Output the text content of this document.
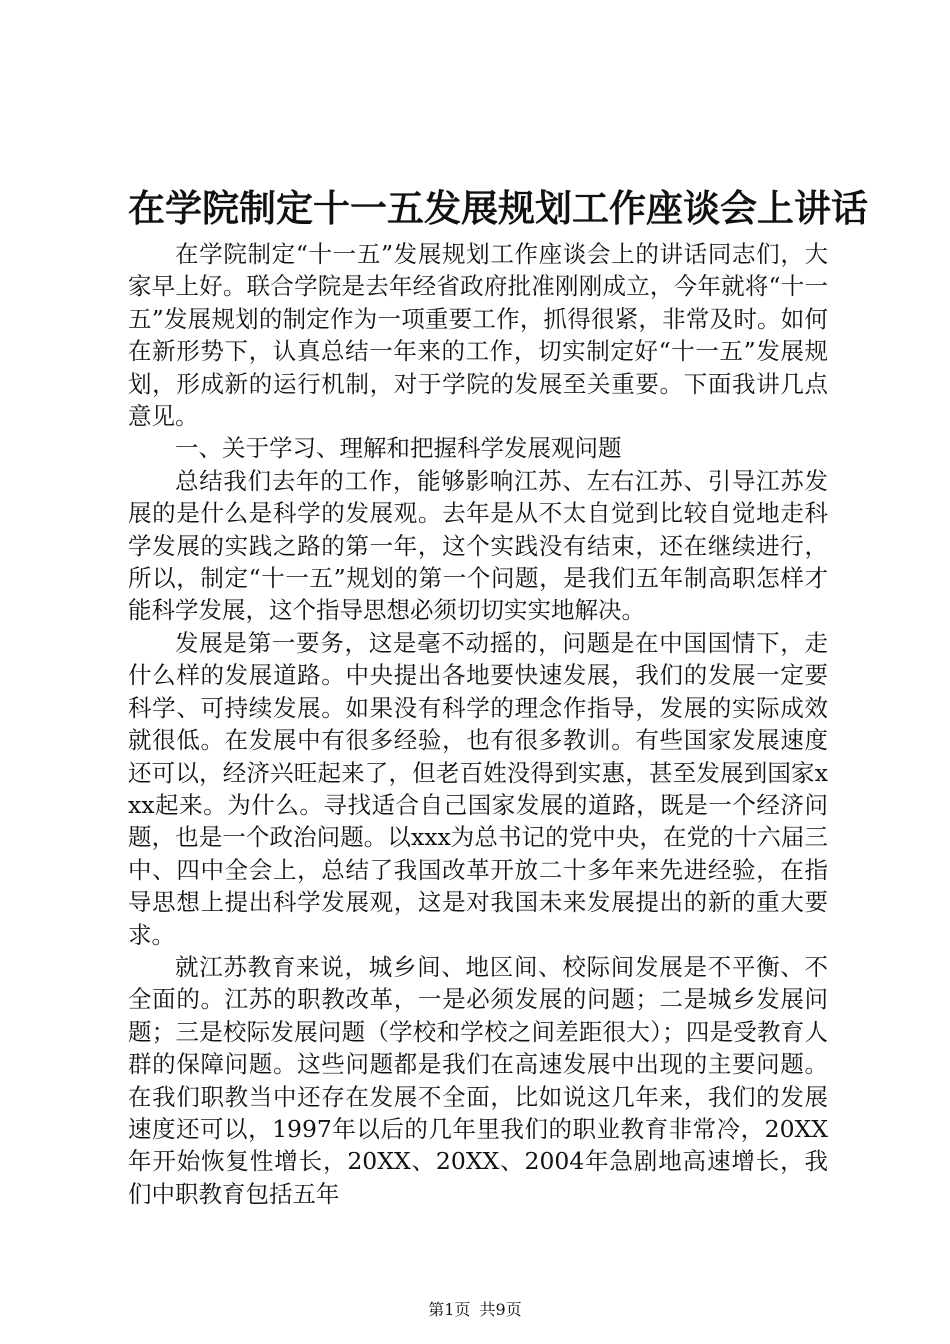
在学院制定十一五发展规划工作座谈会上讲话

在学院制定“十一五”发展规划工作座谈会上的讲话同志们，大家早上好。联合学院是去年经省政府批准刚刚成立，今年就将“十一五”发展规划的制定作为一项重要工作，抓得很紧，非常及时。如何在新形势下，认真总结一年来的工作，切实制定好“十一五”发展规划，形成新的运行机制，对于学院的发展至关重要。下面我讲几点意见。

一、关于学习、理解和把握科学发展观问题

总结我们去年的工作，能够影响江苏、左右江苏、引导江苏发展的是什么是科学的发展观。去年是从不太自觉到比较自觉地走科学发展的实践之路的第一年，这个实践没有结束，还在继续进行，所以，制定“十一五”规划的第一个问题，是我们五年制高职怎样才能科学发展，这个指导思想必须切切实实地解决。

发展是第一要务，这是毫不动摇的，问题是在中国国情下，走什么样的发展道路。中央提出各地要快速发展，我们的发展一定要科学、可持续发展。如果没有科学的理念作指导，发展的实际成效就很低。在发展中有很多经验，也有很多教训。有些国家发展速度还可以，经济兴旺起来了，但老百姓没得到实惠，甚至发展到国家xxx起来。为什么。寻找适合自己国家发展的道路，既是一个经济问题，也是一个政治问题。以xxx为总书记的党中央，在党的十六届三中、四中全会上，总结了我国改革开放二十多年来先进经验，在指导思想上提出科学发展观，这是对我国未来发展提出的新的重大要求。

就江苏教育来说，城乡间、地区间、校际间发展是不平衡、不全面的。江苏的职教改革，一是必须发展的问题；二是城乡发展问题；三是校际发展问题（学校和学校之间差距很大）；四是受教育人群的保障问题。这些问题都是我们在高速发展中出现的主要问题。在我们职教当中还存在发展不全面，比如说这几年来，我们的发展速度还可以，1997年以后的几年里我们的职业教育非常冷，20XX年开始恢复性增长，20XX、20XX、2004年急剧地高速增长，我们中职教育包括五年

第1页 共9页
